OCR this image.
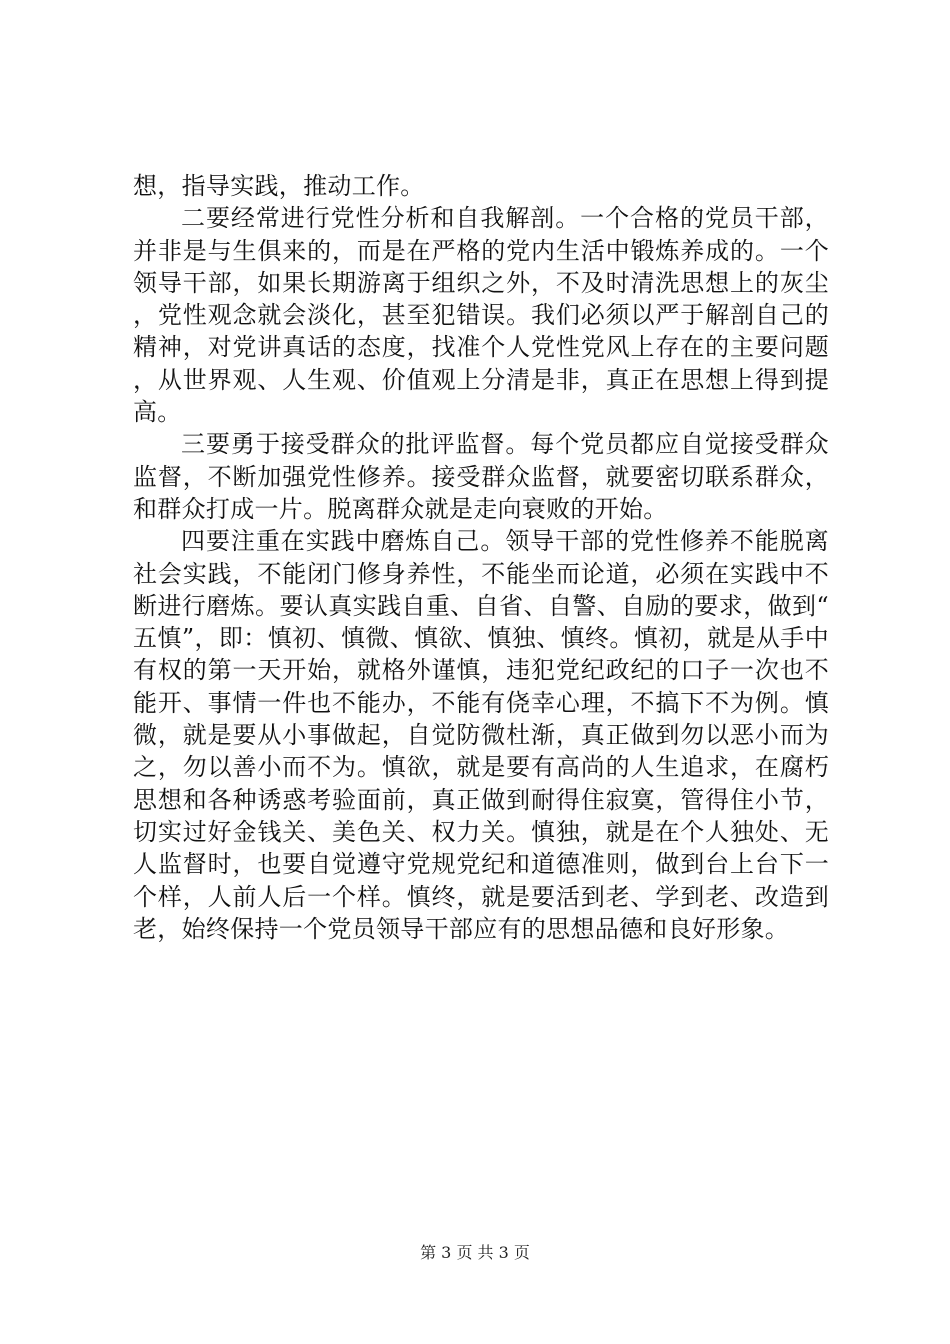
想，指导实践，推动工作。

二要经常进行党性分析和自我解剖。一个合格的党员干部，并非是与生俱来的，而是在严格的党内生活中锻炼养成的。一个领导干部，如果长期游离于组织之外，不及时清洗思想上的灰尘，党性观念就会淡化，甚至犯错误。我们必须以严于解剖自己的精神，对党讲真话的态度，找准个人党性党风上存在的主要问题，从世界观、人生观、价值观上分清是非，真正在思想上得到提高。

三要勇于接受群众的批评监督。每个党员都应自觉接受群众监督，不断加强党性修养。接受群众监督，就要密切联系群众，和群众打成一片。脱离群众就是走向衰败的开始。

四要注重在实践中磨炼自己。领导干部的党性修养不能脱离社会实践，不能闭门修身养性，不能坐而论道，必须在实践中不断进行磨炼。要认真实践自重、自省、自警、自励的要求，做到“五慎”，即：慎初、慎微、慎欲、慎独、慎终。慎初，就是从手中有权的第一天开始，就格外谨慎，违犯党纪政纪的口子一次也不能开、事情一件也不能办，不能有侥幸心理，不搞下不为例。慎微，就是要从小事做起，自觉防微杜渐，真正做到勿以恶小而为之，勿以善小而不为。慎欲，就是要有高尚的人生追求，在腐朽思想和各种诱惑考验面前，真正做到耐得住寂寞，管得住小节，切实过好金钱关、美色关、权力关。慎独，就是在个人独处、无人监督时，也要自觉遵守党规党纪和道德准则，做到台上台下一个样，人前人后一个样。慎终，就是要活到老、学到老、改造到老，始终保持一个党员领导干部应有的思想品德和良好形象。

第 3 页 共 3 页
